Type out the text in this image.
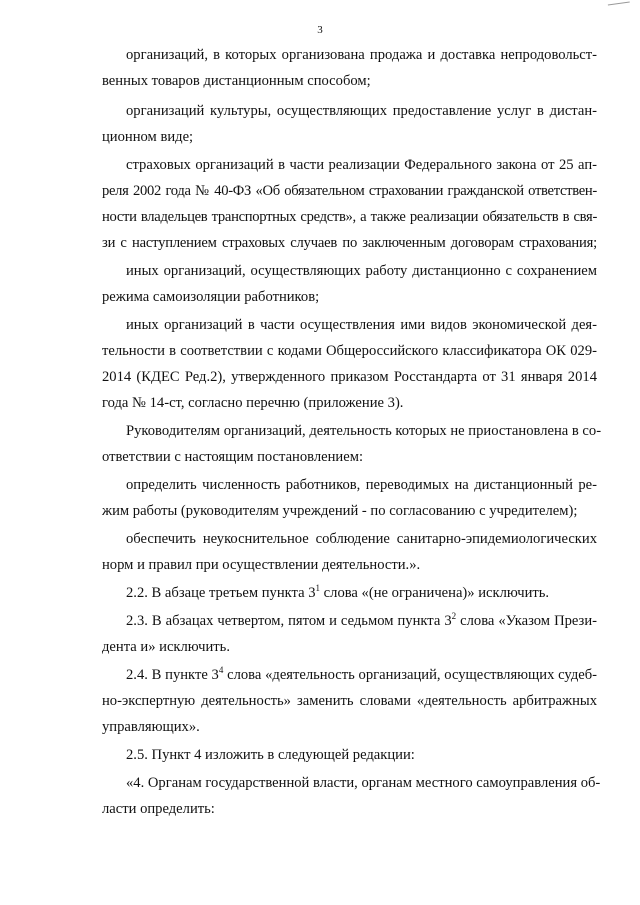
3
организаций, в которых организована продажа и доставка непродовольст-
венных товаров дистанционным способом;
организаций культуры, осуществляющих предоставление услуг в дистан-
ционном виде;
страховых организаций в части реализации Федерального закона от 25 ап-
реля 2002 года № 40-ФЗ «Об обязательном страховании гражданской ответствен-
ности владельцев транспортных средств», а также реализации обязательств в свя-
зи с наступлением страховых случаев по заключенным договорам страхования;
иных организаций, осуществляющих работу дистанционно с сохранением
режима самоизоляции работников;
иных организаций в части осуществления ими видов экономической дея-
тельности в соответствии с кодами Общероссийского классификатора ОК 029-
2014 (КДЕС Ред.2), утвержденного приказом Росстандарта от 31 января 2014
года № 14-ст, согласно перечню (приложение 3).
Руководителям организаций, деятельность которых не приостановлена в со-
ответствии с настоящим постановлением:
определить численность работников, переводимых на дистанционный ре-
жим работы (руководителям учреждений - по согласованию с учредителем);
обеспечить неукоснительное соблюдение санитарно-эпидемиологических
норм и правил при осуществлении деятельности.».
2.2. В абзаце третьем пункта $3^1$ слова «(не ограничена)» исключить.
2.3. В абзацах четвертом, пятом и седьмом пункта $3^2$ слова «Указом Прези-
дента и» исключить.
2.4. В пункте $3^4$ слова «деятельность организаций, осуществляющих судеб-
но-экспертную деятельность» заменить словами «деятельность арбитражных
управляющих».
2.5. Пункт 4 изложить в следующей редакции:
«4. Органам государственной власти, органам местного самоуправления об-
ласти определить:
